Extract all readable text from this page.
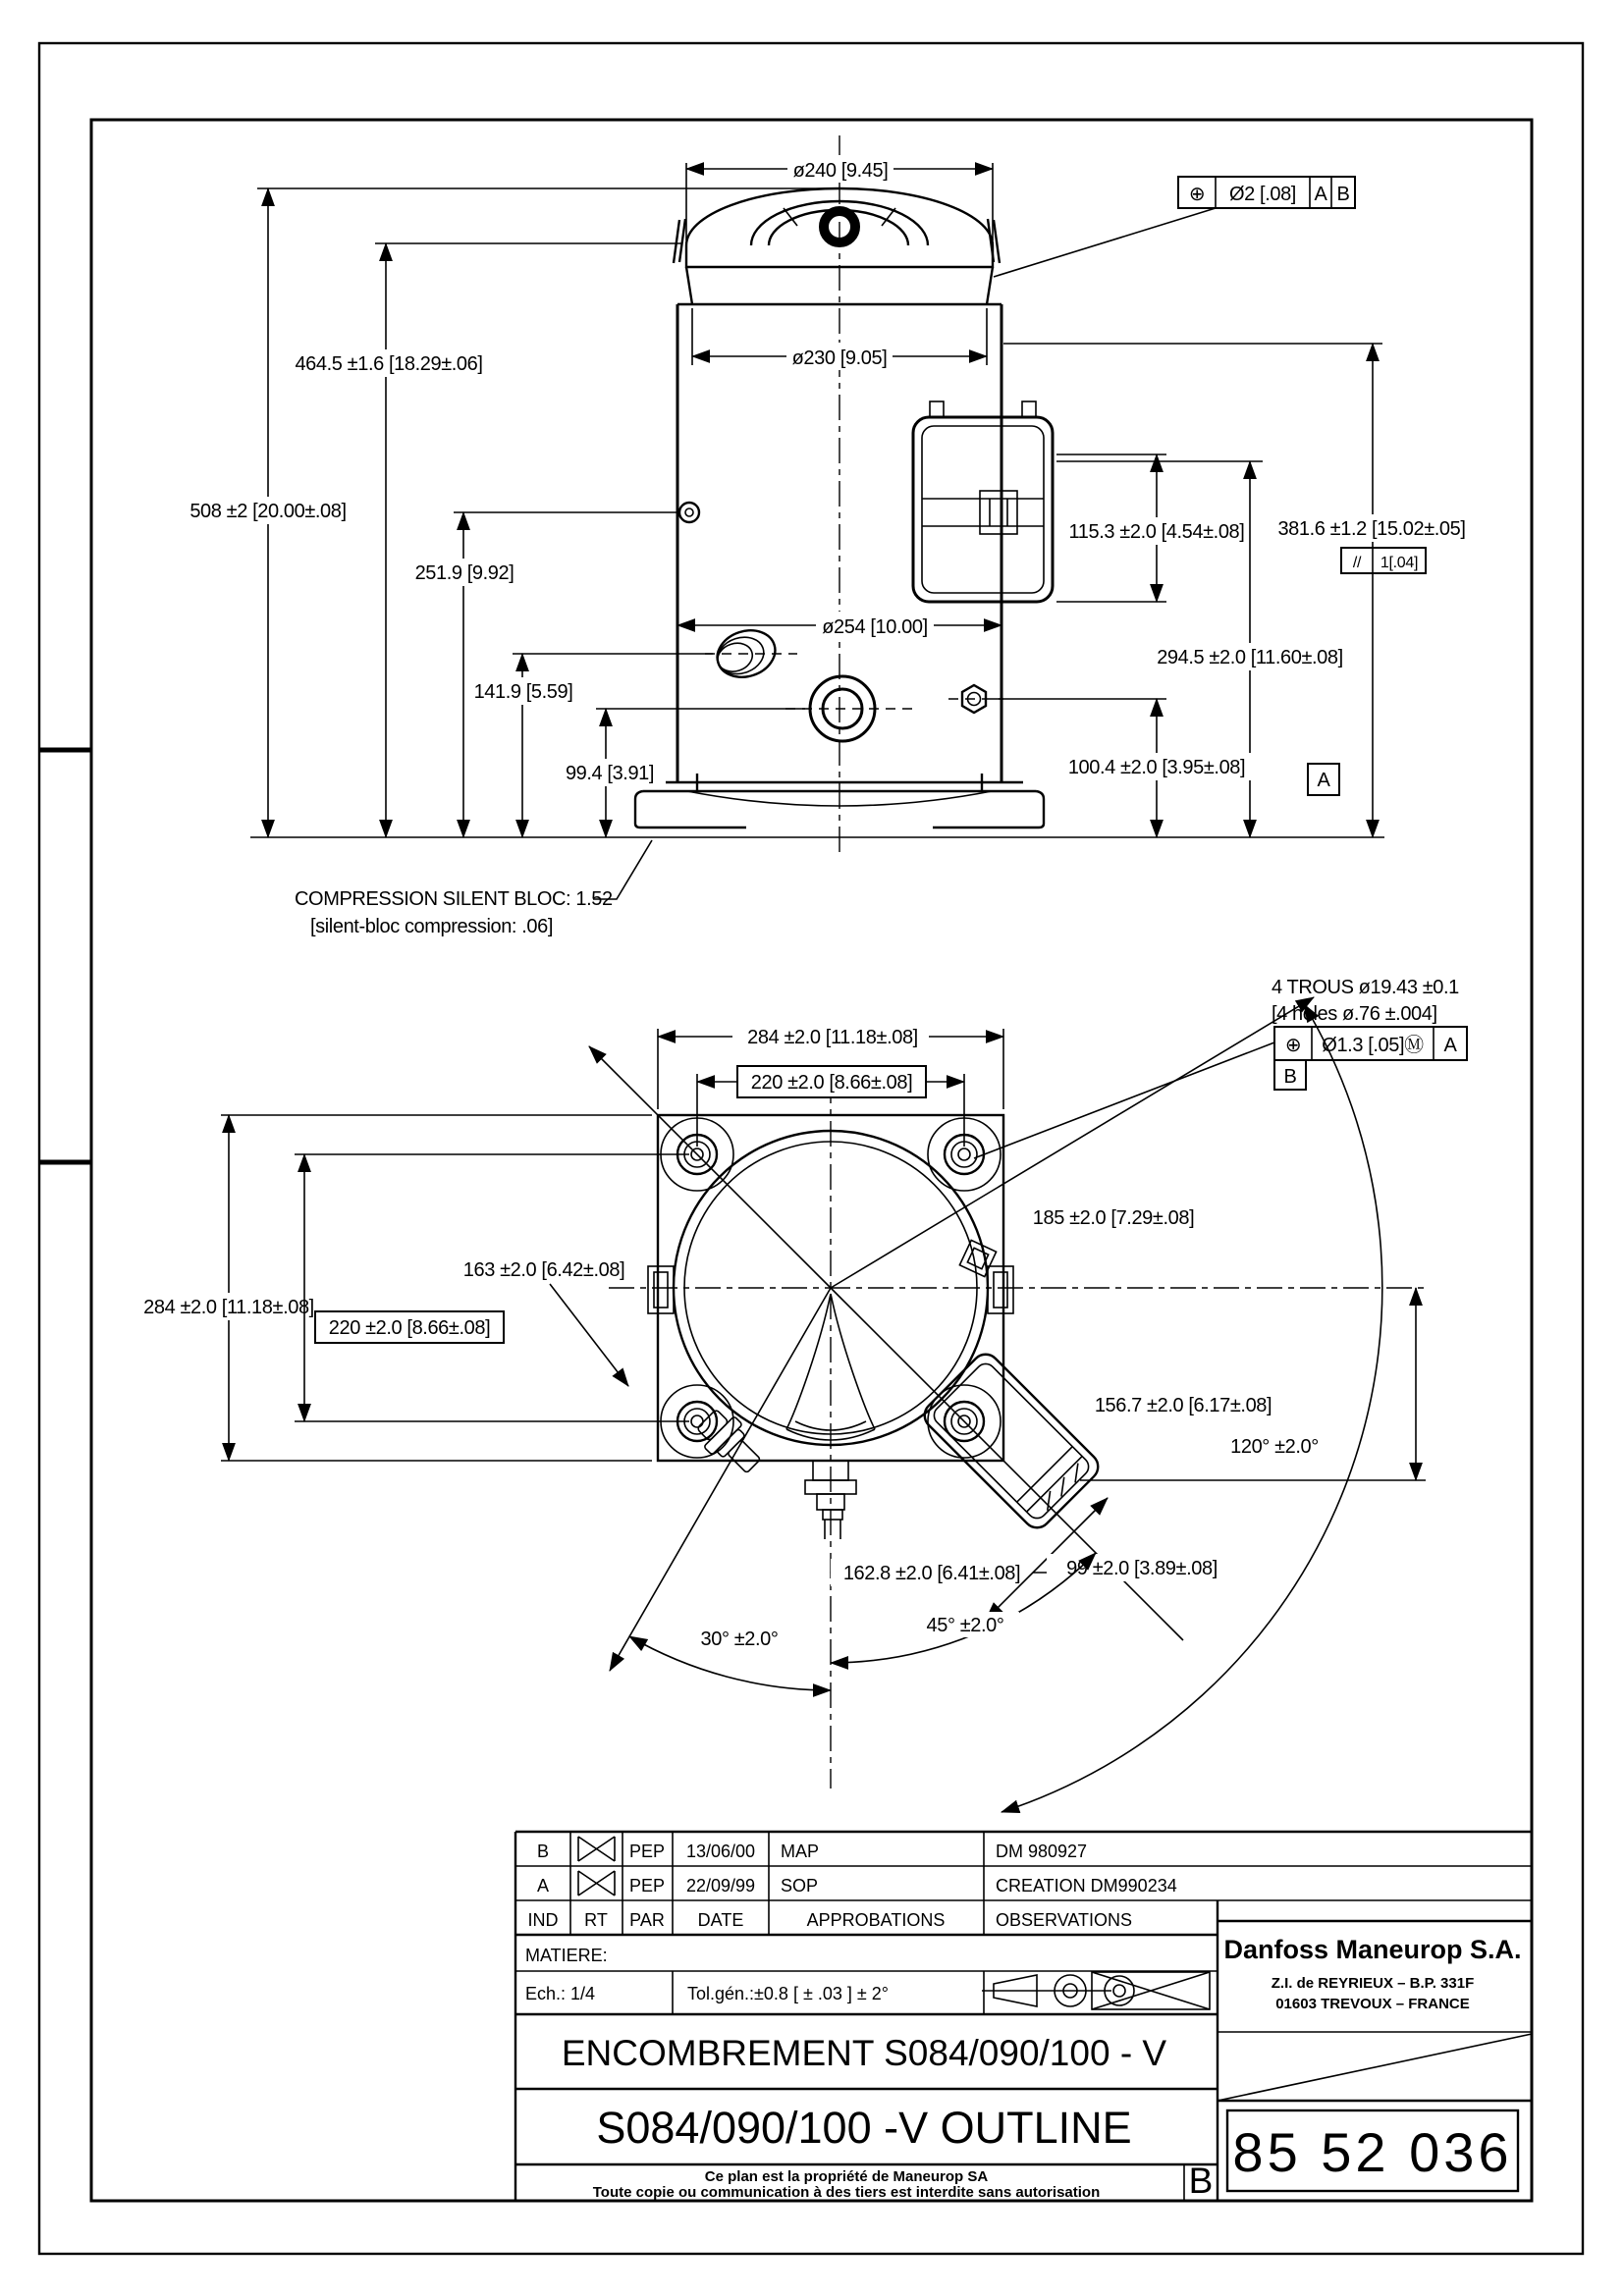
ø240 [9.45]
ø230 [9.05]
ø254 [10.00]
508 ±2 [20.00±.08]
464.5 ±1.6 [18.29±.06]
251.9 [9.92]
141.9 [5.59]
99.4 [3.91]
115.3 ±2.0 [4.54±.08]
294.5 ±2.0 [11.60±.08]
381.6 ±1.2 [15.02±.05]
// 1[.04]
100.4 ±2.0 [3.95±.08]
A
⊕ Ø2 [.08] A B
COMPRESSION SILENT BLOC: 1.52
[silent-bloc compression: .06]
284 ±2.0 [11.18±.08]
220 ±2.0 [8.66±.08]
284 ±2.0 [11.18±.08]
220 ±2.0 [8.66±.08]
163 ±2.0 [6.42±.08]
185 ±2.0 [7.29±.08]
4 TROUS ø19.43 ±0.1
[4 holes ø.76 ±.004]
⊕ Ø1.3 [.05]Ⓜ A
B
156.7 ±2.0 [6.17±.08]
120° ±2.0°
162.8 ±2.0 [6.41±.08] 99 ±2.0 [3.89±.08]
45° ±2.0°
30° ±2.0°
B	PEP 13/06/00 MAP	DM 980927
A	PEP 22/09/99 SOP	CREATION DM990234
IND RT PAR DATE	APPROBATIONS	OBSERVATIONS
MATIERE:
Ech.: 1/4	Tol.gén.:±0.8 [ ± .03 ] ± 2°
ENCOMBREMENT S084/090/100 - V
S084/090/100 -V OUTLINE
Ce plan est la propriété de Maneurop SA
Toute copie ou communication à des tiers est interdite sans autorisation B
Danfoss Maneurop S.A.
Z.I. de REYRIEUX – B.P. 331F
01603 TREVOUX – FRANCE
85 52 036
